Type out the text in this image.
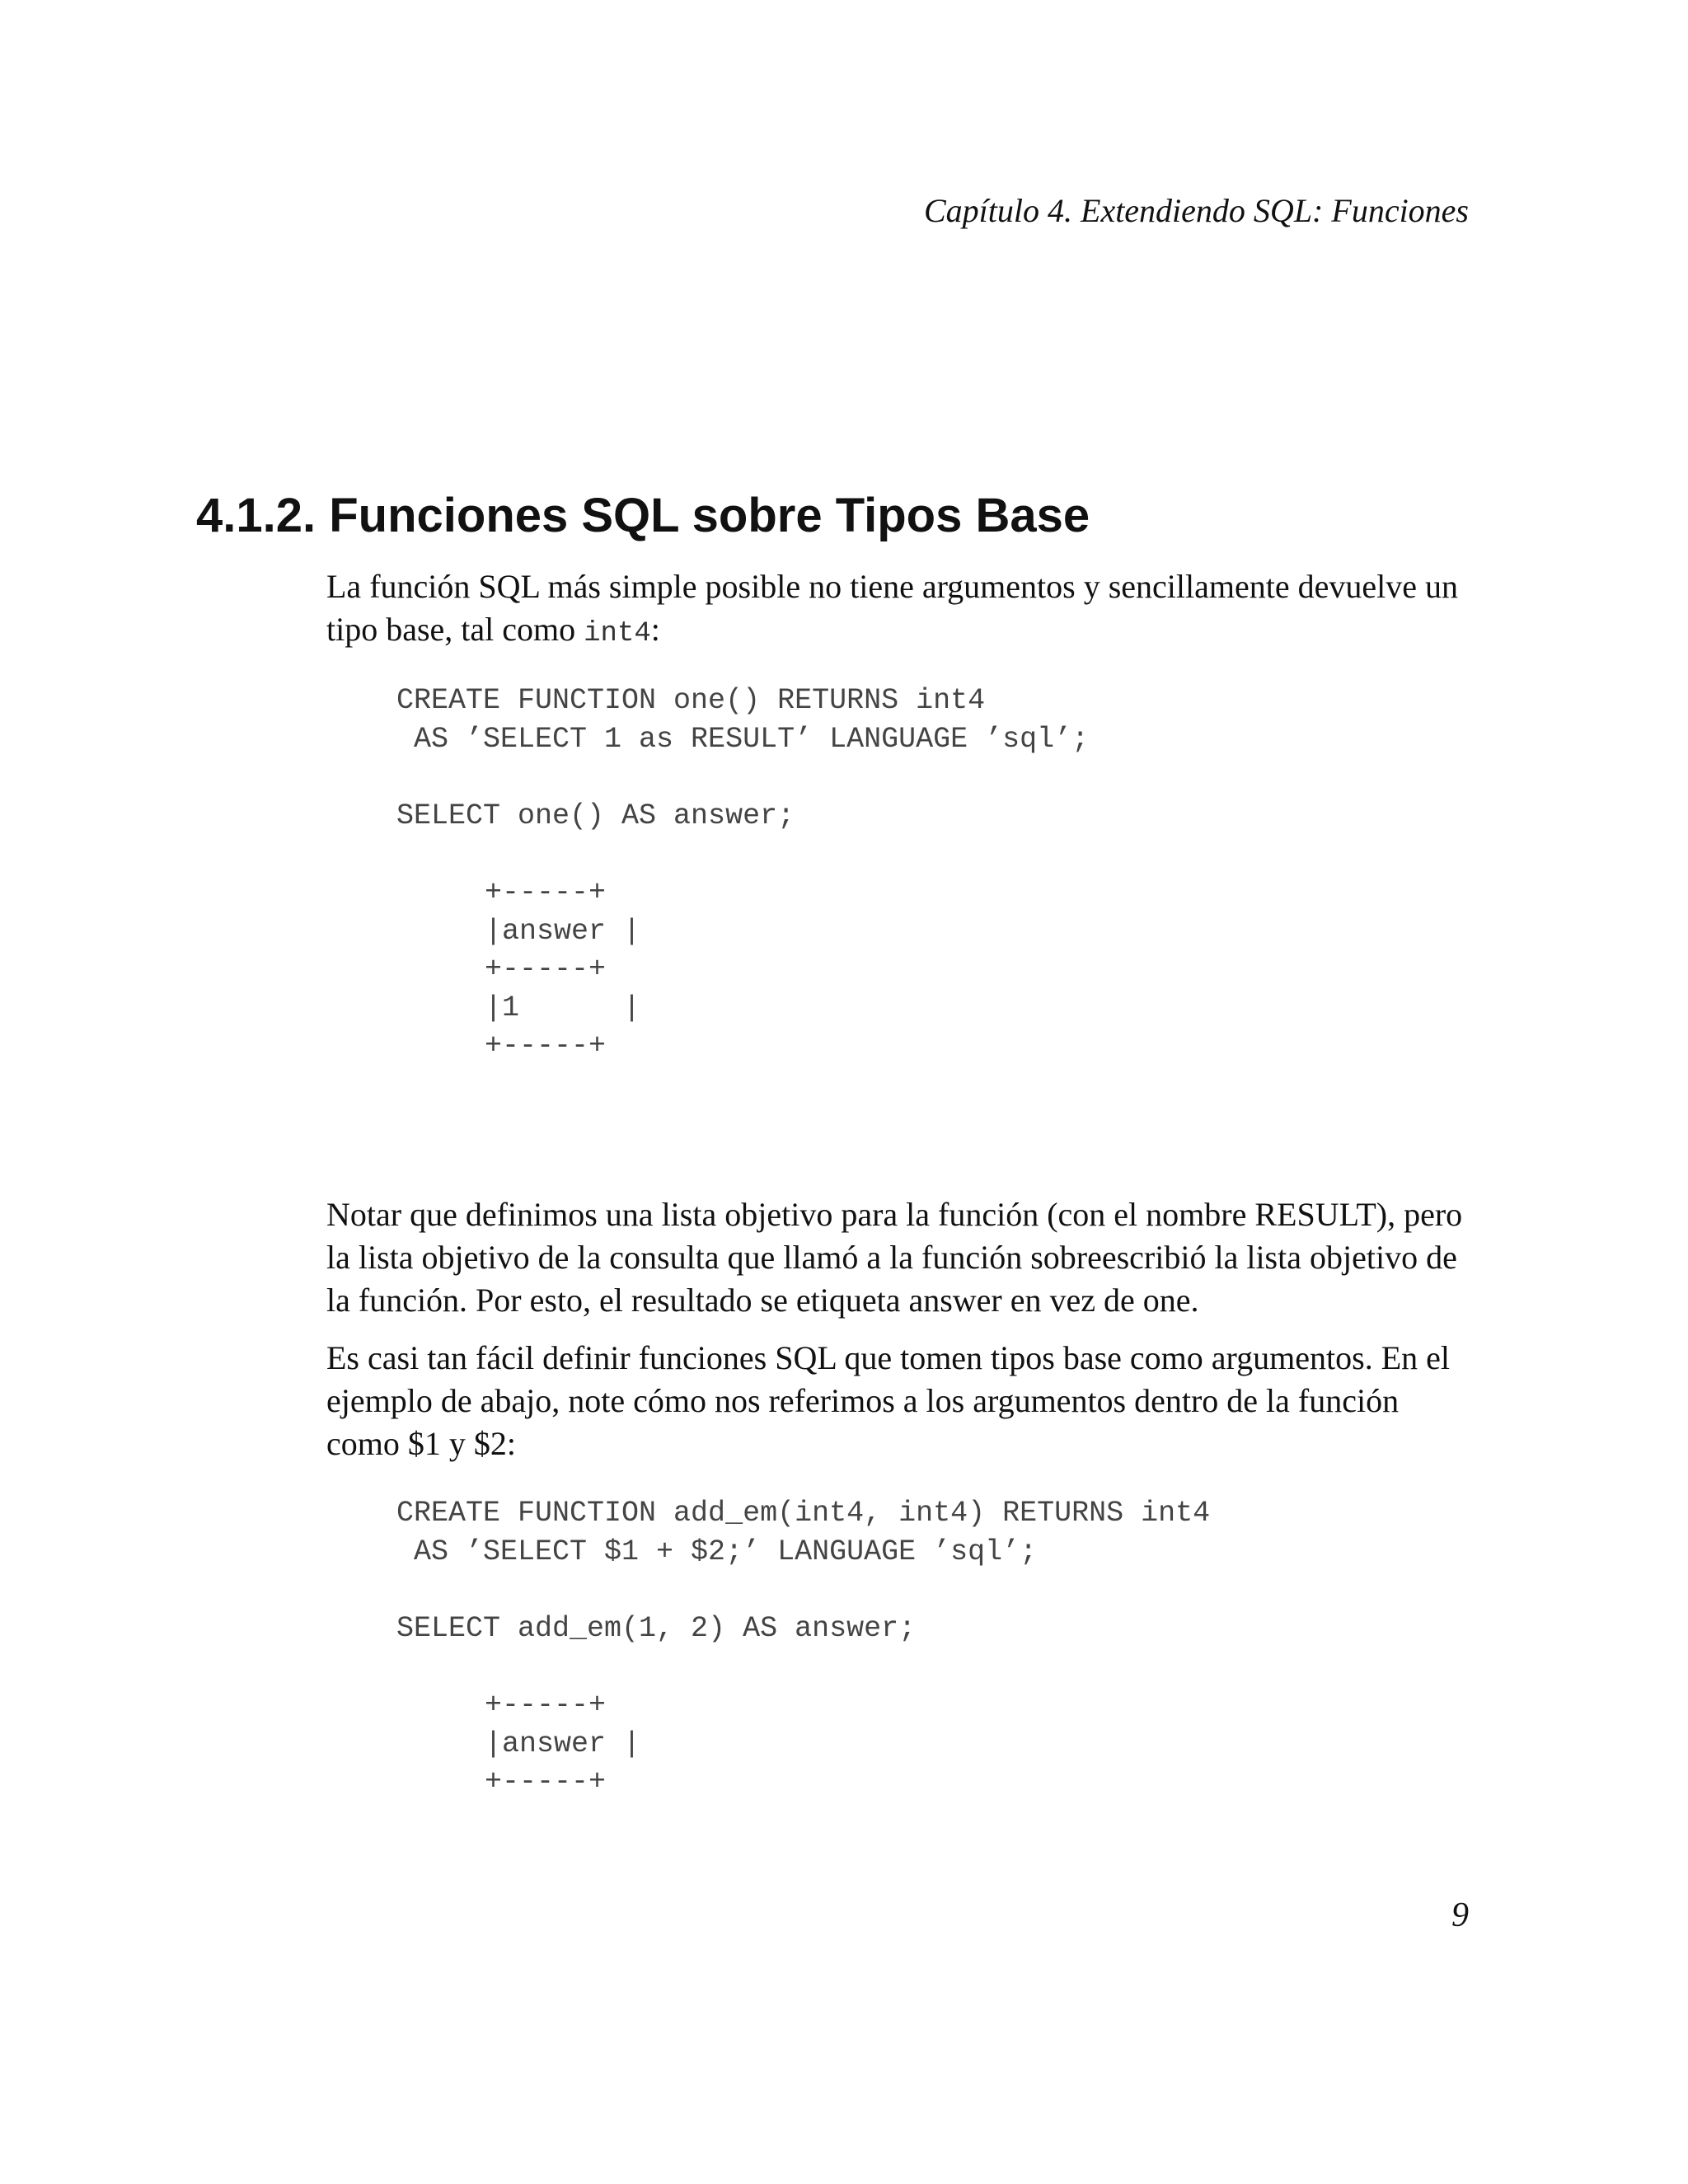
Capítulo 4. Extendiendo SQL: Funciones
4.1.2. Funciones SQL sobre Tipos Base

La función SQL más simple posible no tiene argumentos y sencillamente devuelve un tipo base, tal como int4:

CREATE FUNCTION one() RETURNS int4
AS ’SELECT 1 as RESULT’ LANGUAGE ’sql’;

SELECT one() AS answer;
+-----+
|answer |
+-----+
|1      |
+-----+

Notar que definimos una lista objetivo para la función (con el nombre RESULT), pero la lista objetivo de la consulta que llamó a la función sobreescribió la lista objetivo de la función. Por esto, el resultado se etiqueta answer en vez de one.

Es casi tan fácil definir funciones SQL que tomen tipos base como argumentos. En el ejemplo de abajo, note cómo nos referimos a los argumentos dentro de la función como $1 y $2:

CREATE FUNCTION add_em(int4, int4) RETURNS int4
AS ’SELECT $1 + $2;’ LANGUAGE ’sql’;

SELECT add_em(1, 2) AS answer;
+-----+
|answer |
+-----+
9
